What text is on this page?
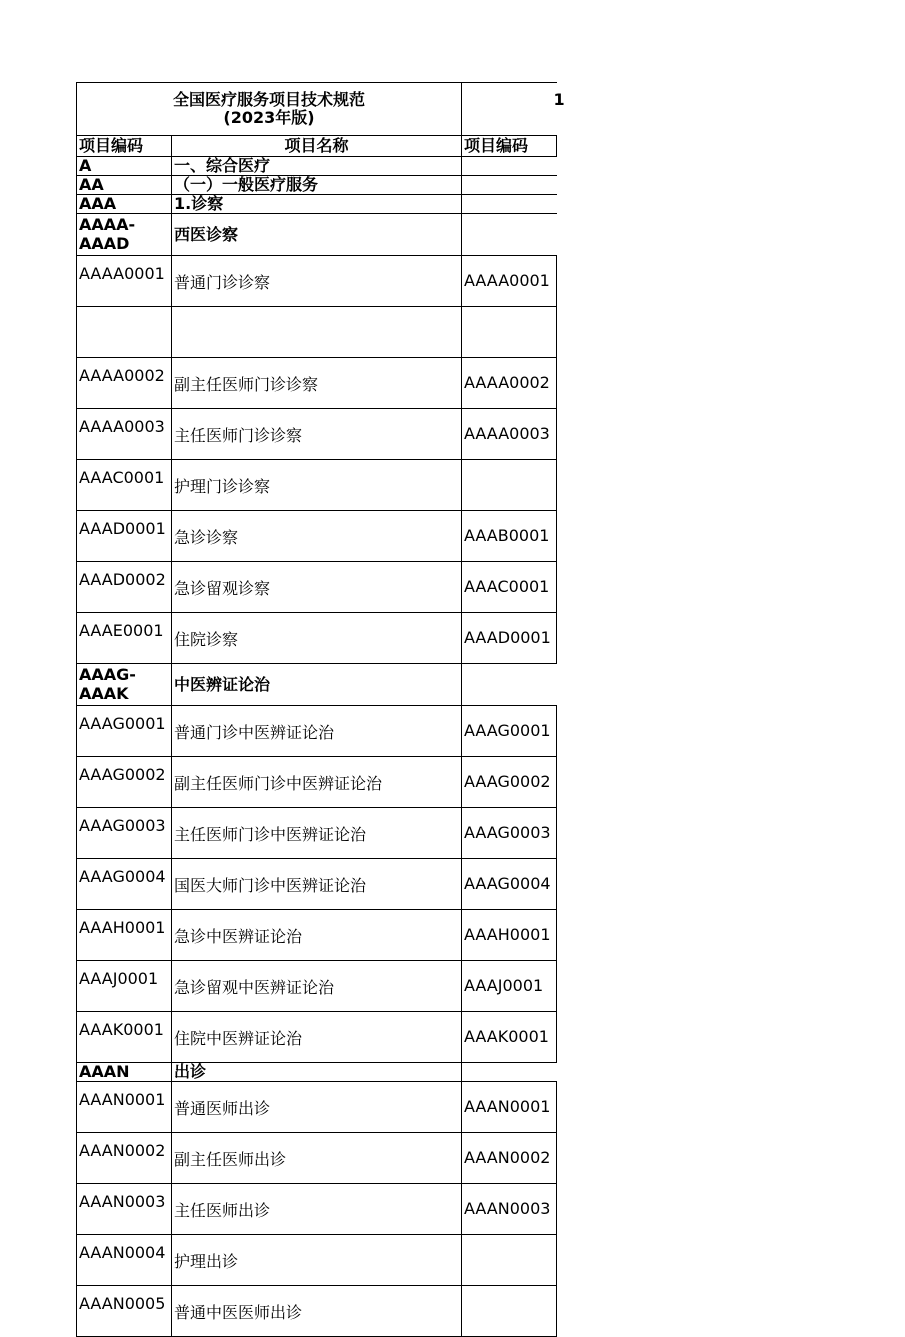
全国医疗服务项目技术规范
(2023年版)		1

项目编码	项目名称	项目编码
A	一、综合医疗	
AA	（一）一般医疗服务	
AAA	1.诊察	
AAAA-AAAD	西医诊察	
AAAA0001	普通门诊诊察	AAAA0001

AAAA0002	副主任医师门诊诊察	AAAA0002
AAAA0003	主任医师门诊诊察	AAAA0003
AAAC0001	护理门诊诊察	
AAAD0001	急诊诊察	AAAB0001
AAAD0002	急诊留观诊察	AAAC0001
AAAE0001	住院诊察	AAAD0001
AAAG-AAAK	中医辨证论治	
AAAG0001	普通门诊中医辨证论治	AAAG0001
AAAG0002	副主任医师门诊中医辨证论治	AAAG0002
AAAG0003	主任医师门诊中医辨证论治	AAAG0003
AAAG0004	国医大师门诊中医辨证论治	AAAG0004
AAAH0001	急诊中医辨证论治	AAAH0001
AAAJ0001	急诊留观中医辨证论治	AAAJ0001
AAAK0001	住院中医辨证论治	AAAK0001
AAAN	出诊	
AAAN0001	普通医师出诊	AAAN0001
AAAN0002	副主任医师出诊	AAAN0002
AAAN0003	主任医师出诊	AAAN0003
AAAN0004	护理出诊	
AAAN0005	普通中医医师出诊	
